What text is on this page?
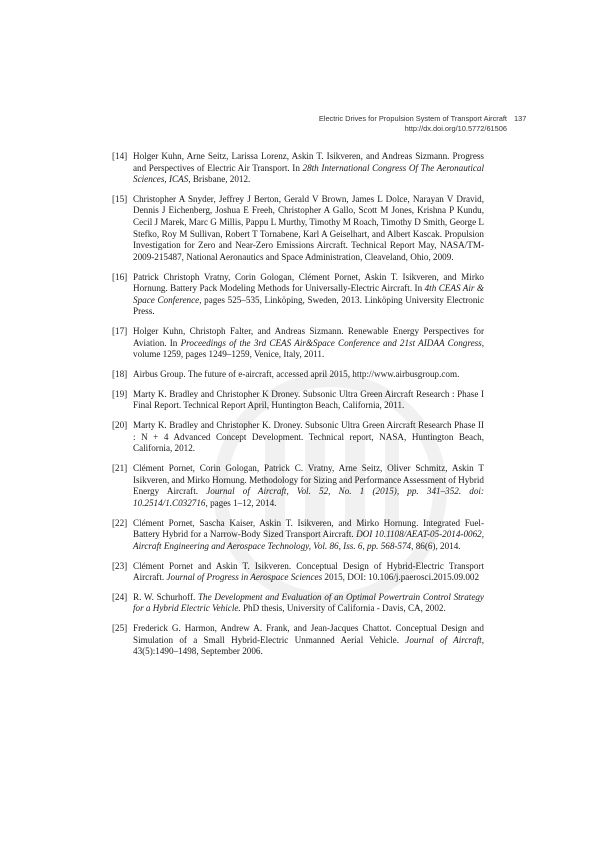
Electric Drives for Propulsion System of Transport Aircraft
http://dx.doi.org/10.5772/61506
137
[14] Holger Kuhn, Arne Seitz, Larissa Lorenz, Askin T. Isikveren, and Andreas Sizmann. Progress and Perspectives of Electric Air Transport. In 28th International Congress Of The Aeronautical Sciences, ICAS, Brisbane, 2012.
[15] Christopher A Snyder, Jeffrey J Berton, Gerald V Brown, James L Dolce, Narayan V Dravid, Dennis J Eichenberg, Joshua E Freeh, Christopher A Gallo, Scott M Jones, Krishna P Kundu, Cecil J Marek, Marc G Millis, Pappu L Murthy, Timothy M Roach, Timothy D Smith, George L Stefko, Roy M Sullivan, Robert T Tornabene, Karl A Geiselhart, and Albert Kascak. Propulsion Investigation for Zero and Near-Zero Emissions Aircraft. Technical Report May, NASA/TM-2009-215487, National Aeronautics and Space Administration, Cleaveland, Ohio, 2009.
[16] Patrick Christoph Vratny, Corin Gologan, Clément Pornet, Askin T. Isikveren, and Mirko Hornung. Battery Pack Modeling Methods for Universally-Electric Aircraft. In 4th CEAS Air & Space Conference, pages 525–535, Linköping, Sweden, 2013. Linköping University Electronic Press.
[17] Holger Kuhn, Christoph Falter, and Andreas Sizmann. Renewable Energy Perspectives for Aviation. In Proceedings of the 3rd CEAS Air&Space Conference and 21st AIDAA Congress, volume 1259, pages 1249–1259, Venice, Italy, 2011.
[18] Airbus Group. The future of e-aircraft, accessed april 2015, http://www.airbusgroup.com.
[19] Marty K. Bradley and Christopher K Droney. Subsonic Ultra Green Aircraft Research : Phase I Final Report. Technical Report April, Huntington Beach, California, 2011.
[20] Marty K. Bradley and Christopher K. Droney. Subsonic Ultra Green Aircraft Research Phase II : N + 4 Advanced Concept Development. Technical report, NASA, Huntington Beach, California, 2012.
[21] Clément Pornet, Corin Gologan, Patrick C. Vratny, Arne Seitz, Oliver Schmitz, Askin T Isikveren, and Mirko Hornung. Methodology for Sizing and Performance Assessment of Hybrid Energy Aircraft. Journal of Aircraft, Vol. 52, No. 1 (2015), pp. 341–352. doi: 10.2514/1.C032716, pages 1–12, 2014.
[22] Clément Pornet, Sascha Kaiser, Askin T. Isikveren, and Mirko Hornung. Integrated Fuel-Battery Hybrid for a Narrow-Body Sized Transport Aircraft. DOI 10.1108/AEAT-05-2014-0062, Aircraft Engineering and Aerospace Technology, Vol. 86, Iss. 6, pp. 568-574, 86(6), 2014.
[23] Clément Pornet and Askin T. Isikveren. Conceptual Design of Hybrid-Electric Transport Aircraft. Journal of Progress in Aerospace Sciences 2015, DOI: 10.106/j.paerosci.2015.09.002
[24] R. W. Schurhoff. The Development and Evaluation of an Optimal Powertrain Control Strategy for a Hybrid Electric Vehicle. PhD thesis, University of California - Davis, CA, 2002.
[25] Frederick G. Harmon, Andrew A. Frank, and Jean-Jacques Chattot. Conceptual Design and Simulation of a Small Hybrid-Electric Unmanned Aerial Vehicle. Journal of Aircraft, 43(5):1490–1498, September 2006.
